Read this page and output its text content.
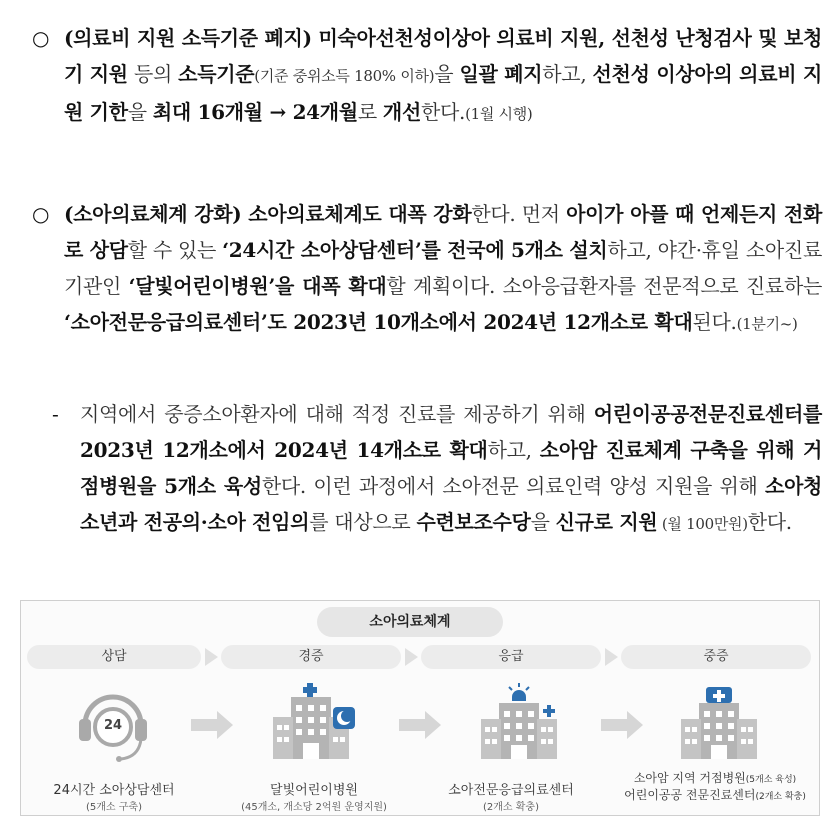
○ (의료비 지원 소득기준 폐지) 미숙아선천성이상아 의료비 지원, 선천성 난청검사 및 보청기 지원 등의 소득기준(기준 중위소득 180% 이하)을 일괄 폐지하고, 선천성 이상아의 의료비 지원 기한을 최대 16개월 → 24개월로 개선한다.(1월 시행)
○ (소아의료체계 강화) 소아의료체계도 대폭 강화한다. 먼저 아이가 아플 때 언제든지 전화로 상담할 수 있는 ‘24시간 소아상담센터’를 전국에 5개소 설치하고, 야간·휴일 소아진료기관인 ‘달빛어린이병원’을 대폭 확대할 계획이다. 소아응급환자를 전문적으로 진료하는 ‘소아전문응급의료센터’도 2023년 10개소에서 2024년 12개소로 확대된다.(1분기~)
- 지역에서 중증소아환자에 대해 적정 진료를 제공하기 위해 어린이공공전문진료센터를 2023년 12개소에서 2024년 14개소로 확대하고, 소아암 진료체계 구축을 위해 거점병원을 5개소 육성한다. 이런 과정에서 소아전문 의료인력 양성 지원을 위해 소아청소년과 전공의·소아 전임의를 대상으로 수련보조수당을 신규로 지원 (월 100만원)한다.
소아의료체계
상담	경증	응급	중증
24
24시간 소아상담센터
(5개소 구축)
달빛어린이병원
(45개소, 개소당 2억원 운영지원)
소아전문응급의료센터
(2개소 확충)
소아암 지역 거점병원(5개소 육성)
어린이공공 전문진료센터(2개소 확충)
